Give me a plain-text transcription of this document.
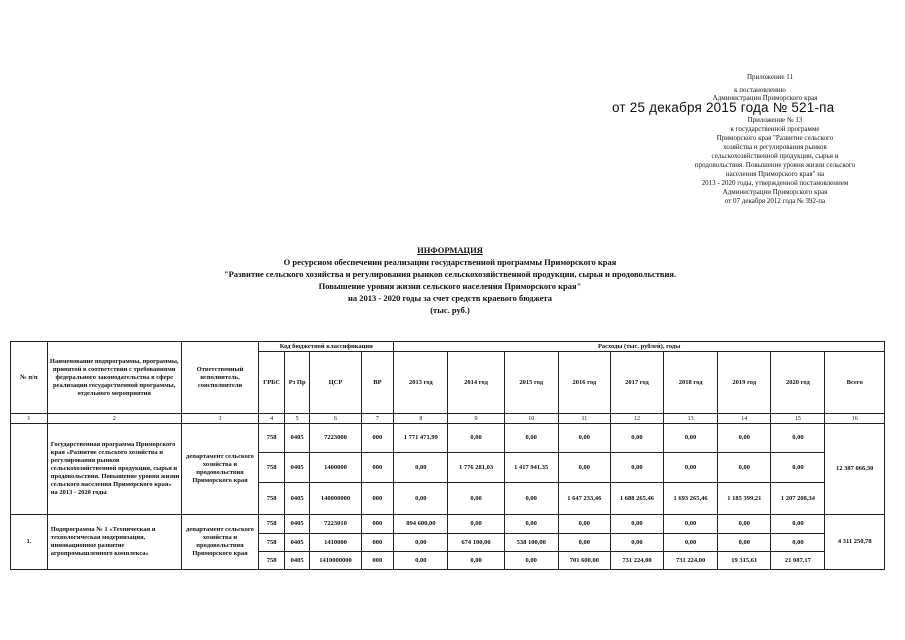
Приложение 11
к постановлению
Администрации Приморского края
от 25 декабря 2015 года № 521-па
Приложение № 13
к государственной программе
Приморского края "Развитие сельского
хозяйства и регулирования рынков
сельскохозяйственной продукции, сырья и
продовольствия. Повышение уровня жизни сельского
населения Приморского края" на
2013 - 2020 годы, утвержденной постановлением
Администрации Приморского края
от 07 декабря 2012 года № 392-па
ИНФОРМАЦИЯ
О ресурсном обеспечении реализации государственной программы Приморского края
"Развитие сельского хозяйства и регулирования рынков сельскохозяйственной продукции, сырья и продовольствия.
Повышение уровня жизни сельского населения Приморского края"
на 2013 - 2020 годы за счет средств краевого бюджета
(тыс. руб.)
№ п/п	Наименование подпрограммы, программы, принятой в соответствии с требованиями федерального законодательства в сфере реализации государственной программы, отдельного мероприятия	Ответственный исполнитель, соисполнители	Код бюджетной классификации				Расходы (тыс. рублей), годы								
			ГРБС	Рз Пр	ЦСР	ВР	2013 год	2014 год	2015 год	2016 год	2017 год	2018 год	2019 год	2020 год	Всего
1	2	3	4	5	6	7	8	9	10	11	12	13	14	15	16
	Государственная программа Приморского края «Развитие сельского хозяйства и регулирования рынков сельскохозяйственной продукции, сырья и продовольствия. Повышение уровня жизни сельского населения Приморского края» на 2013 - 2020 годы	департамент сельского хозяйства и продовольствия Приморского края	758	0405	7223000	000	1 771 471,99	0,00	0,00	0,00	0,00	0,00	0,00	0,00	12 387 066,30
			758	0405	1400000	000	0,00	1 776 281,03	1 417 941,35	0,00	0,00	0,00	0,00	0,00	
			758	0405	140000000	000	0,00	0,00	0,00	1 647 233,46	1 688 265,46	1 693 265,46	1 185 399,21	1 207 208,34	
1.	Подпрограмма № 1 «Техническая и технологическая модернизация, инновационное развитие агропромышленного комплекса»	департамент сельского хозяйства и продовольствия Приморского края	758	0405	7223010	000	894 600,00	0,00	0,00	0,00	0,00	0,00	0,00	0,00	4 311 250,78
			758	0405	1410000	000	0,00	674 100,00	538 100,00	0,00	0,00	0,00	0,00	0,00	
			758	0405	1410000000	000	0,00	0,00	0,00	701 600,00	731 224,00	731 224,00	19 315,61	21 087,17	
